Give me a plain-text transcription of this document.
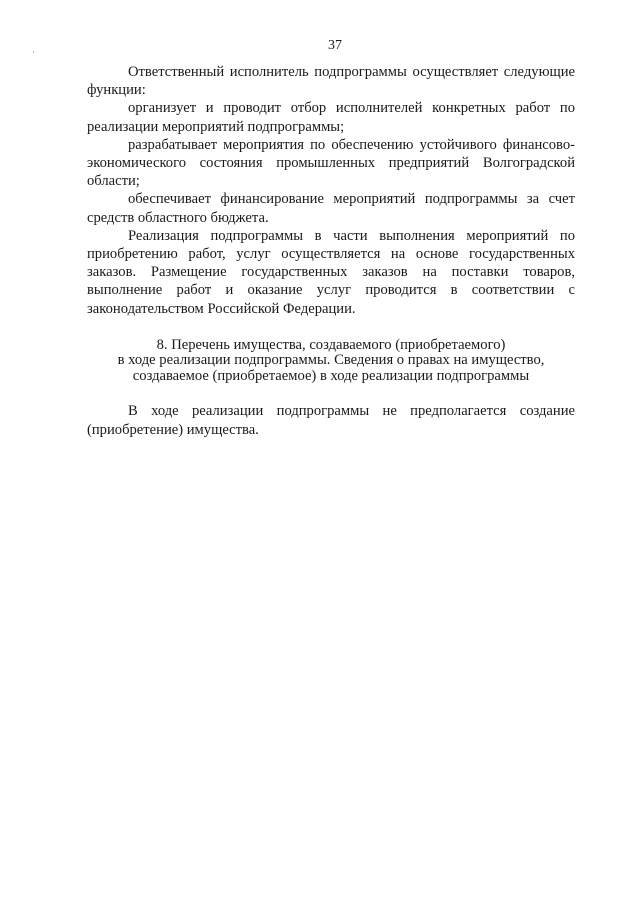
37

Ответственный исполнитель подпрограммы осуществляет следующие функции:

организует и проводит отбор исполнителей конкретных работ по реализации мероприятий подпрограммы;

разрабатывает мероприятия по обеспечению устойчивого финансово-экономического состояния промышленных предприятий Волгоградской области;

обеспечивает финансирование мероприятий подпрограммы за счет средств областного бюджета.

Реализация подпрограммы в части выполнения мероприятий по приобретению работ, услуг осуществляется на основе государственных заказов. Размещение государственных заказов на поставки товаров, выполнение работ и оказание услуг проводится в соответствии с законодательством Российской Федерации.

8. Перечень имущества, создаваемого (приобретаемого)
в ходе реализации подпрограммы. Сведения о правах на имущество,
создаваемое (приобретаемое) в ходе реализации подпрограммы

В ходе реализации подпрограммы не предполагается создание (приобретение) имущества.
